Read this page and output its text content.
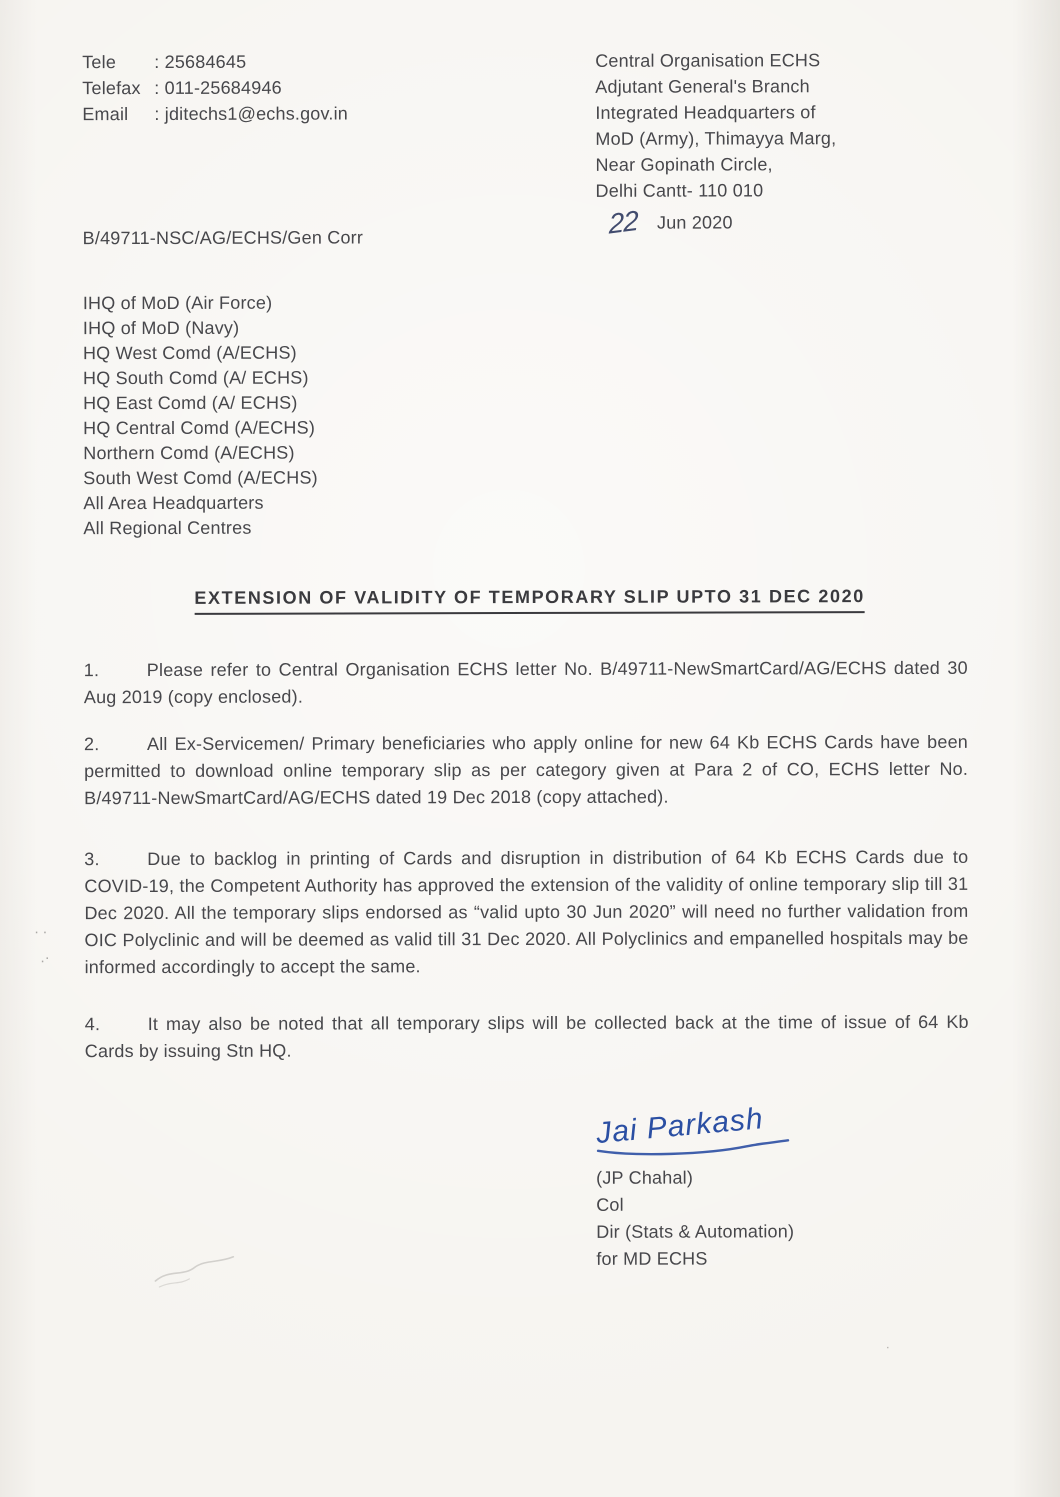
Tele	: 25684645
Telefax : 011-25684946
Email	: jditechs1@echs.gov.in
Central Organisation ECHS
Adjutant General's Branch
Integrated Headquarters of
MoD (Army), Thimayya Marg,
Near Gopinath Circle,
Delhi Cantt- 110 010
B/49711-NSC/AG/ECHS/Gen Corr	22 Jun 2020
IHQ of MoD (Air Force)
IHQ of MoD (Navy)
HQ West Comd (A/ECHS)
HQ South Comd (A/ ECHS)
HQ East Comd (A/ ECHS)
HQ Central Comd (A/ECHS)
Northern Comd (A/ECHS)
South West Comd (A/ECHS)
All Area Headquarters
All Regional Centres
EXTENSION OF VALIDITY OF TEMPORARY SLIP UPTO 31 DEC 2020
1.	Please refer to Central Organisation ECHS letter No. B/49711-NewSmartCard/AG/ECHS dated 30 Aug 2019 (copy enclosed).
2.	All Ex-Servicemen/ Primary beneficiaries who apply online for new 64 Kb ECHS Cards have been permitted to download online temporary slip as per category given at Para 2 of CO, ECHS letter No. B/49711-NewSmartCard/AG/ECHS dated 19 Dec 2018 (copy attached).
3.	Due to backlog in printing of Cards and disruption in distribution of 64 Kb ECHS Cards due to COVID-19, the Competent Authority has approved the extension of the validity of online temporary slip till 31 Dec 2020. All the temporary slips endorsed as “valid upto 30 Jun 2020” will need no further validation from OIC Polyclinic and will be deemed as valid till 31 Dec 2020. All Polyclinics and empanelled hospitals may be informed accordingly to accept the same.
4.	It may also be noted that all temporary slips will be collected back at the time of issue of 64 Kb Cards by issuing Stn HQ.
Jai Parkash
(JP Chahal)
Col
Dir (Stats & Automation)
for MD ECHS
. .
.·
·
